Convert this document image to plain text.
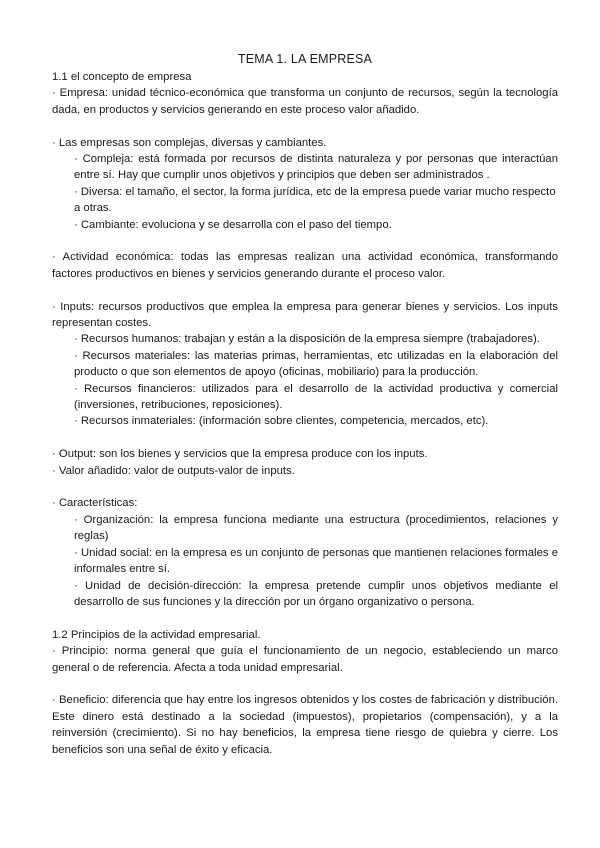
TEMA 1. LA EMPRESA

1.1 el concepto de empresa

· Empresa: unidad técnico-económica que transforma un conjunto de recursos, según la tecnología dada, en productos y servicios generando en este proceso valor añadido.

· Las empresas son complejas, diversas y cambiantes.

· Compleja: está formada por recursos de distinta naturaleza y por personas que interactúan entre sí. Hay que cumplir unos objetivos y principios que deben ser administrados .

· Diversa: el tamaño, el sector, la forma jurídica, etc de la empresa puede variar mucho respecto a otras.

· Cambiante: evoluciona y se desarrolla con el paso del tiempo.

· Actividad económica: todas las empresas realizan una actividad económica, transformando factores productivos en bienes y servicios generando durante el proceso valor.

· Inputs: recursos productivos que emplea la empresa para generar bienes y servicios. Los inputs representan costes.

· Recursos humanos: trabajan y están a la disposición de la empresa siempre (trabajadores).

· Recursos materiales: las materias primas, herramientas, etc utilizadas en la elaboración del producto o que son elementos de apoyo (oficinas, mobiliario) para la producción.

· Recursos financieros: utilizados para el desarrollo de la actividad productiva y comercial (inversiones, retribuciones, reposiciones).

· Recursos inmateriales: (información sobre clientes, competencia, mercados, etc).

· Output: son los bienes y servicios que la empresa produce con los inputs.

· Valor añadido: valor de outputs-valor de inputs.

· Características:

· Organización: la empresa funciona mediante una estructura (procedimientos, relaciones y reglas)

· Unidad social: en la empresa es un conjunto de personas que mantienen relaciones formales e informales entre sí.

· Unidad de decisión-dirección: la empresa pretende cumplir unos objetivos mediante el desarrollo de sus funciones y la dirección por un órgano organizativo o persona.

1.2 Principios de la actividad empresarial.

· Principio: norma general que guía el funcionamiento de un negocio, estableciendo un marco general o de referencia. Afecta a toda unidad empresarial.

· Beneficio: diferencia que hay entre los ingresos obtenidos y los costes de fabricación y distribución. Este dinero está destinado a la sociedad (impuestos), propietarios (compensación), y a la reinversión (crecimiento). Si no hay beneficios, la empresa tiene riesgo de quiebra y cierre. Los beneficios son una señal de éxito y eficacia.
